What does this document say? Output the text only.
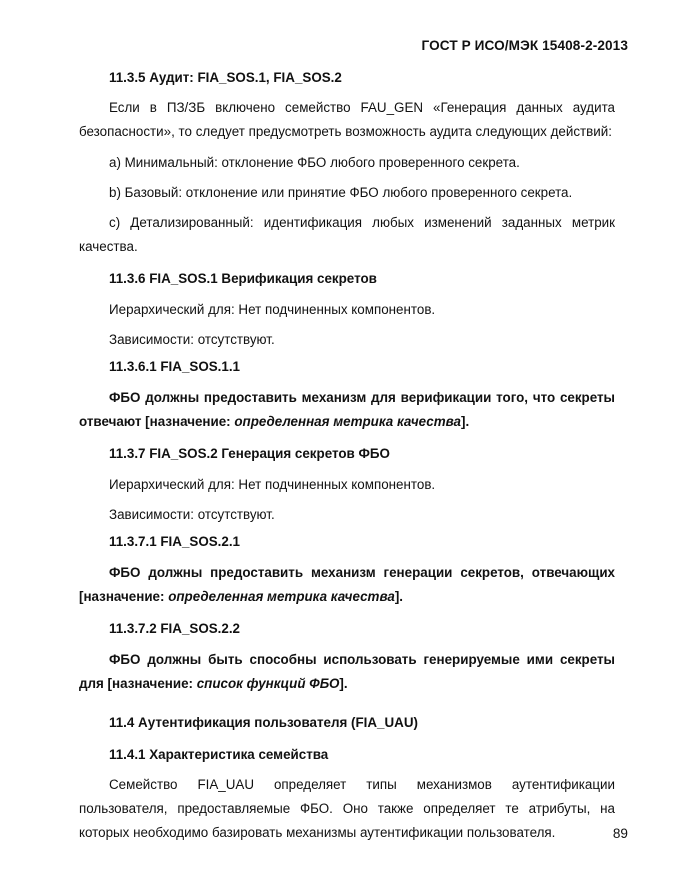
ГОСТ Р ИСО/МЭК 15408-2-2013

11.3.5 Аудит: FIA_SOS.1, FIA_SOS.2

Если в ПЗ/ЗБ включено семейство FAU_GEN «Генерация данных аудита безопасности», то следует предусмотреть возможность аудита следующих действий:

а) Минимальный: отклонение ФБО любого проверенного секрета.

b) Базовый: отклонение или принятие ФБО любого проверенного секрета.

c) Детализированный: идентификация любых изменений заданных метрик качества.

11.3.6 FIA_SOS.1 Верификация секретов

Иерархический для: Нет подчиненных компонентов.

Зависимости: отсутствуют.

11.3.6.1 FIA_SOS.1.1

ФБО должны предоставить механизм для верификации того, что секреты отвечают [назначение: определенная метрика качества].

11.3.7 FIA_SOS.2 Генерация секретов ФБО

Иерархический для: Нет подчиненных компонентов.

Зависимости: отсутствуют.

11.3.7.1 FIA_SOS.2.1

ФБО должны предоставить механизм генерации секретов, отвечающих [назначение: определенная метрика качества].

11.3.7.2 FIA_SOS.2.2

ФБО должны быть способны использовать генерируемые ими секреты для [назначение: список функций ФБО].

11.4 Аутентификация пользователя (FIA_UAU)

11.4.1 Характеристика семейства

Семейство FIA_UAU определяет типы механизмов аутентификации пользователя, предоставляемые ФБО. Оно также определяет те атрибуты, на которых необходимо базировать механизмы аутентификации пользователя.	89
